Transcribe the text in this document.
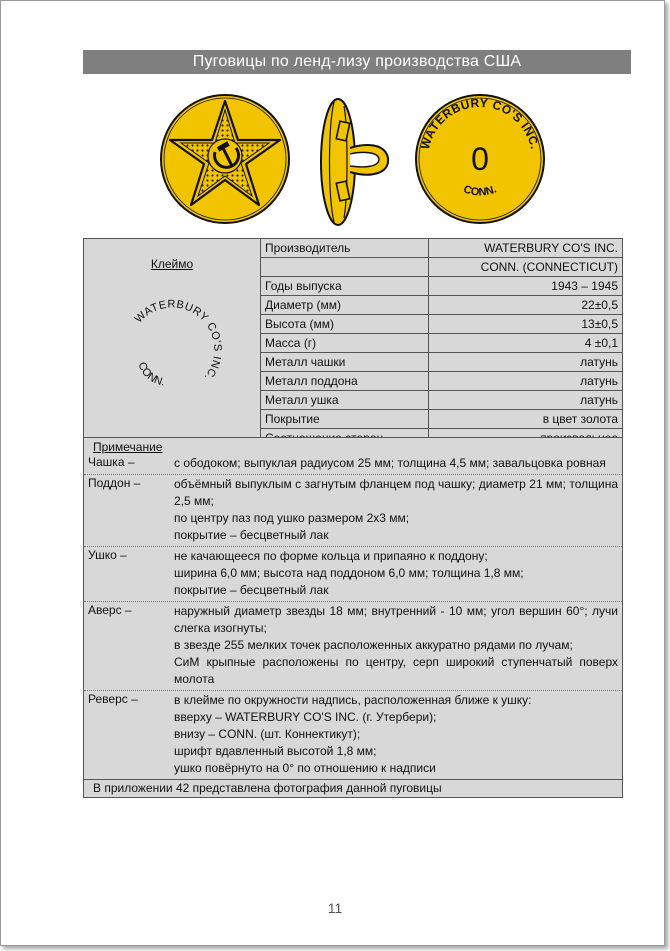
Пуговицы по ленд-лизу производства США
WATERBURY CO'S INC.
CONN.
0
Клеймо
WATERBURY CO'S INC.
CONN.	Производитель	WATERBURY CO'S INC.
		CONN. (CONNECTICUT)
	Годы выпуска	1943 – 1945
	Диаметр (мм)	22±0,5
	Высота (мм)	13±0,5
	Масса (г)	4 ±0,1
	Металл чашки	латунь
	Металл поддона	латунь
	Металл ушка	латунь
	Покрытие	в цвет золота

Примечание
Чашка –	с ободоком; выпуклая радиусом 25 мм; толщина 4,5 мм; завальцовка ровная
Поддон –	объёмный выпуклым с загнутым фланцем под чашку; диаметр 21 мм; толщина 2,5 мм;
по центру паз под ушко размером 2х3 мм;
покрытие – бесцветный лак
Ушко –	не качающееся по форме кольца и припаяно к поддону;
ширина 6,0 мм; высота над поддоном 6,0 мм; толщина 1,8 мм;
покрытие – бесцветный лак
Аверс –	наружный диаметр звезды 18 мм; внутренний - 10 мм; угол вершин 60°; лучи слегка изогнуты;
в звезде 255 мелких точек расположенных аккуратно рядами по лучам;
СиМ крыпные расположены по центру, серп широкий ступенчатый поверх молота
Реверс –	в клейме по окружности надпись, расположенная ближе к ушку:
вверху – WATERBURY CO'S INC. (г. Утербери);
внизу – CONN. (шт. Коннектикут);
шрифт вдавленный высотой 1,8 мм;
ушко повёрнуто на 0° по отношению к надписи
В приложении 42 представлена фотография данной пуговицы
11
